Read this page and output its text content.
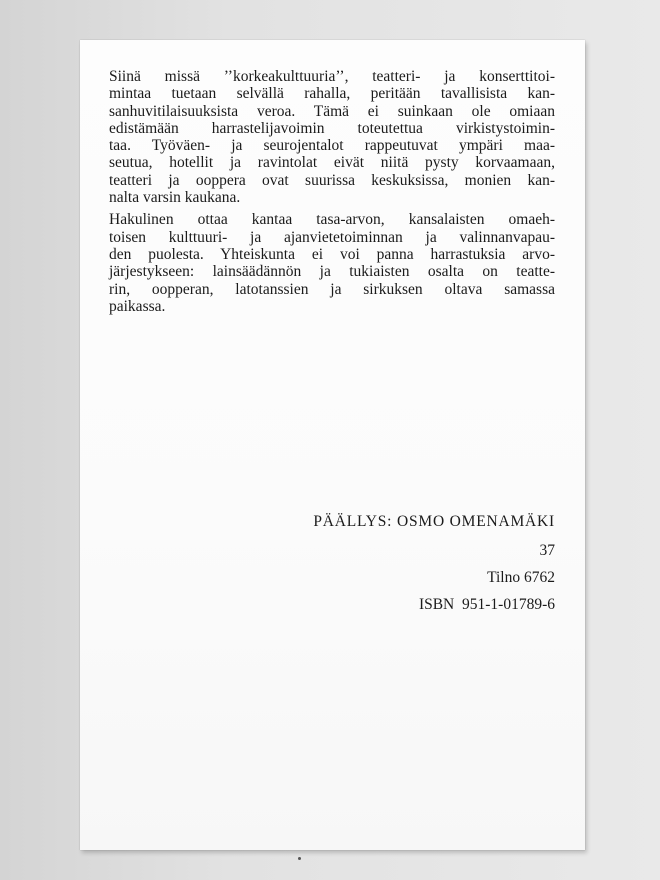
Siinä missä ’’korkeakulttuuria’’, teatteri- ja konserttitoi-
mintaa tuetaan selvällä rahalla, peritään tavallisista kan-
sanhuvitilaisuuksista veroa. Tämä ei suinkaan ole omiaan
edistämään harrastelijavoimin toteutettua virkistystoimin-
taa. Työväen- ja seurojentalot rappeutuvat ympäri maa-
seutua, hotellit ja ravintolat eivät niitä pysty korvaamaan,
teatteri ja ooppera ovat suurissa keskuksissa, monien kan-
nalta varsin kaukana.
Hakulinen ottaa kantaa tasa-arvon, kansalaisten omaeh-
toisen kulttuuri- ja ajanvietetoiminnan ja valinnanvapau-
den puolesta. Yhteiskunta ei voi panna harrastuksia arvo-
järjestykseen: lainsäädännön ja tukiaisten osalta on teatte-
rin, oopperan, latotanssien ja sirkuksen oltava samassa
paikassa.
PÄÄLLYS: OSMO OMENAMÄKI
37
Tilno 6762
ISBN  951-1-01789-6
